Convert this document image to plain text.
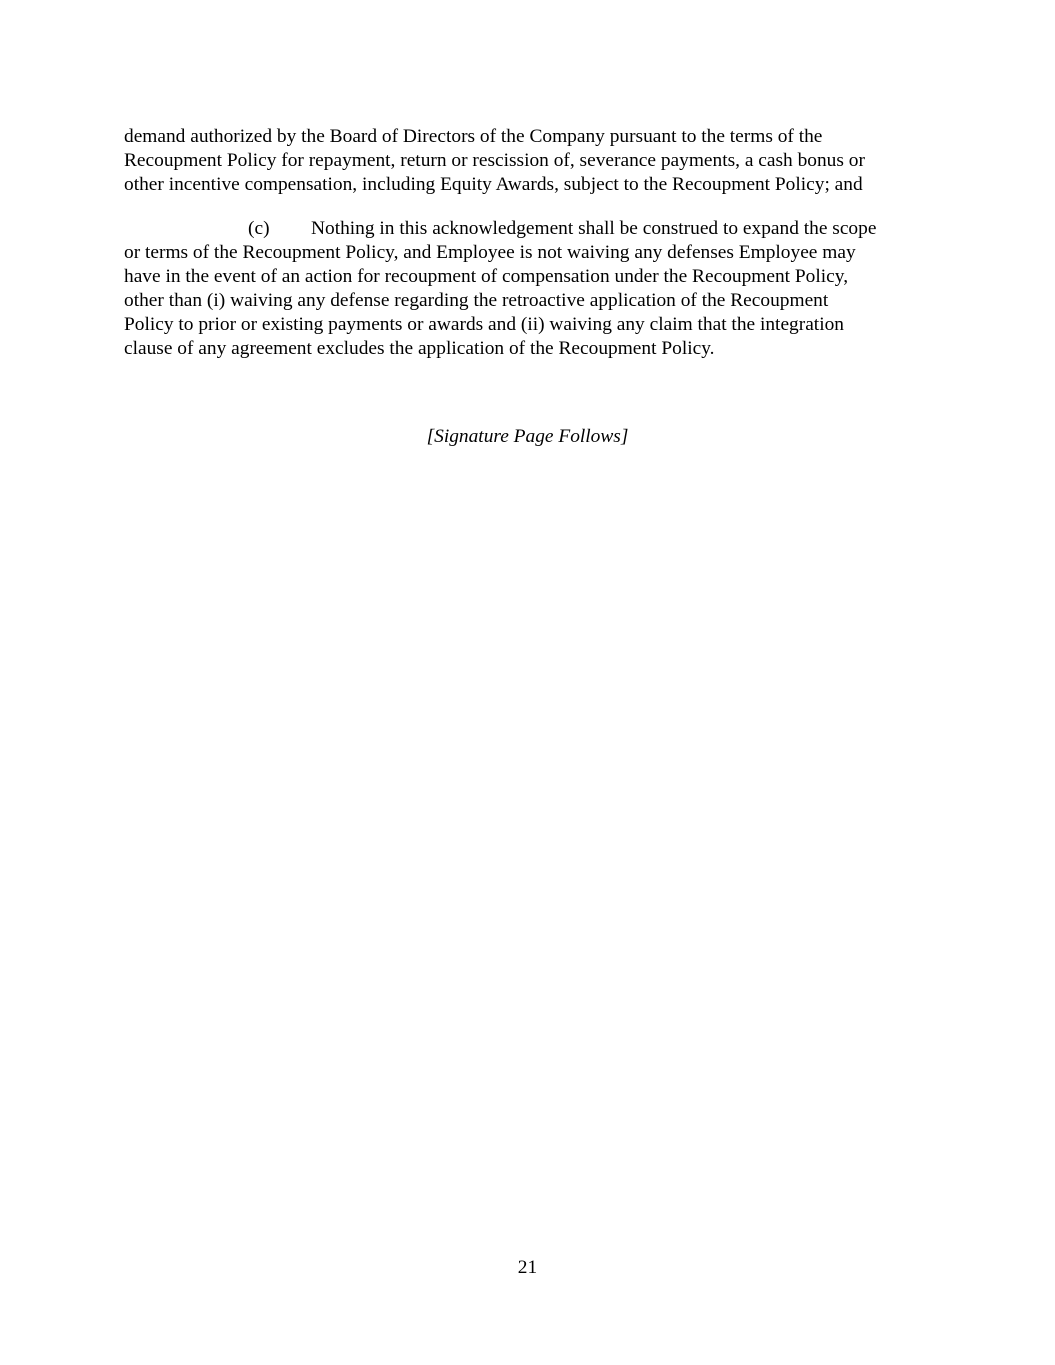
demand authorized by the Board of Directors of the Company pursuant to the terms of the
Recoupment Policy for repayment, return or rescission of, severance payments, a cash bonus or
other incentive compensation, including Equity Awards, subject to the Recoupment Policy; and
(c) Nothing in this acknowledgement shall be construed to expand the scope
or terms of the Recoupment Policy, and Employee is not waiving any defenses Employee may
have in the event of an action for recoupment of compensation under the Recoupment Policy,
other than (i) waiving any defense regarding the retroactive application of the Recoupment
Policy to prior or existing payments or awards and (ii) waiving any claim that the integration
clause of any agreement excludes the application of the Recoupment Policy.
[Signature Page Follows]
21
